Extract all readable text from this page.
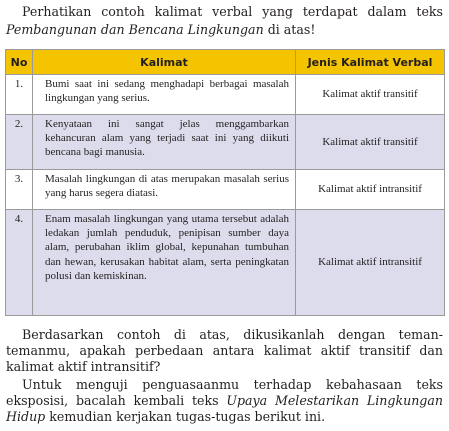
Perhatikan contoh kalimat verbal yang terdapat dalam teks Pembangunan dan Bencana Lingkungan di atas!
No	Kalimat	Jenis Kalimat Verbal
1.	Bumi saat ini sedang menghadapi berbagai masalah lingkungan yang serius.	Kalimat aktif transitif
2.	Kenyataan ini sangat jelas menggambarkan kehancuran alam yang terjadi saat ini yang diikuti bencana bagi manusia.	Kalimat aktif transitif
3.	Masalah lingkungan di atas merupakan masalah serius yang harus segera diatasi.	Kalimat aktif intransitif
4.	Enam masalah lingkungan yang utama tersebut adalah ledakan jumlah penduduk, penipisan sumber daya alam, perubahan iklim global, kepunahan tumbuhan dan hewan, kerusakan habitat alam, serta peningkatan polusi dan kemiskinan.	Kalimat aktif intransitif
Berdasarkan contoh di atas, dikusikanlah dengan teman-temanmu, apakah perbedaan antara kalimat aktif transitif dan kalimat aktif intransitif?
Untuk menguji penguasaanmu terhadap kebahasaan teks eksposisi, bacalah kembali teks Upaya Melestarikan Lingkungan Hidup kemudian kerjakan tugas-tugas berikut ini.
